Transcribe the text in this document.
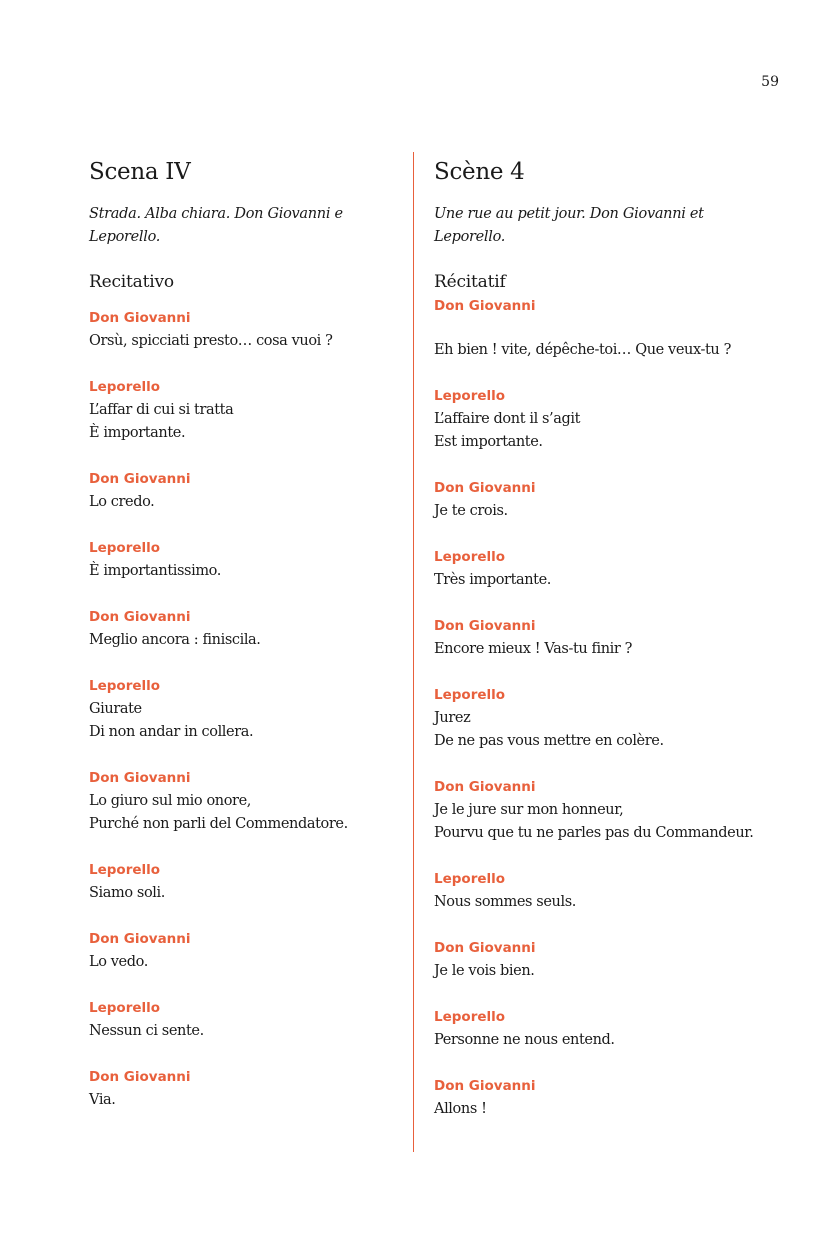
59
Scena IV

Strada. Alba chiara. Don Giovanni e Leporello.

Recitativo
Don Giovanni
Orsù, spicciati presto… cosa vuoi ?
Leporello
L’affar di cui si tratta
È importante.
Don Giovanni
Lo credo.
Leporello
È importantissimo.
Don Giovanni
Meglio ancora : finiscila.
Leporello
Giurate
Di non andar in collera.
Don Giovanni
Lo giuro sul mio onore,
Purché non parli del Commendatore.
Leporello
Siamo soli.
Don Giovanni
Lo vedo.
Leporello
Nessun ci sente.
Don Giovanni
Via.
Scène 4

Une rue au petit jour. Don Giovanni et Leporello.

Récitatif
Don Giovanni
Eh bien ! vite, dépêche-toi… Que veux-tu ?
Leporello
L’affaire dont il s’agit
Est importante.
Don Giovanni
Je te crois.
Leporello
Très importante.
Don Giovanni
Encore mieux ! Vas-tu finir ?
Leporello
Jurez
De ne pas vous mettre en colère.
Don Giovanni
Je le jure sur mon honneur,
Pourvu que tu ne parles pas du Commandeur.
Leporello
Nous sommes seuls.
Don Giovanni
Je le vois bien.
Leporello
Personne ne nous entend.
Don Giovanni
Allons !
